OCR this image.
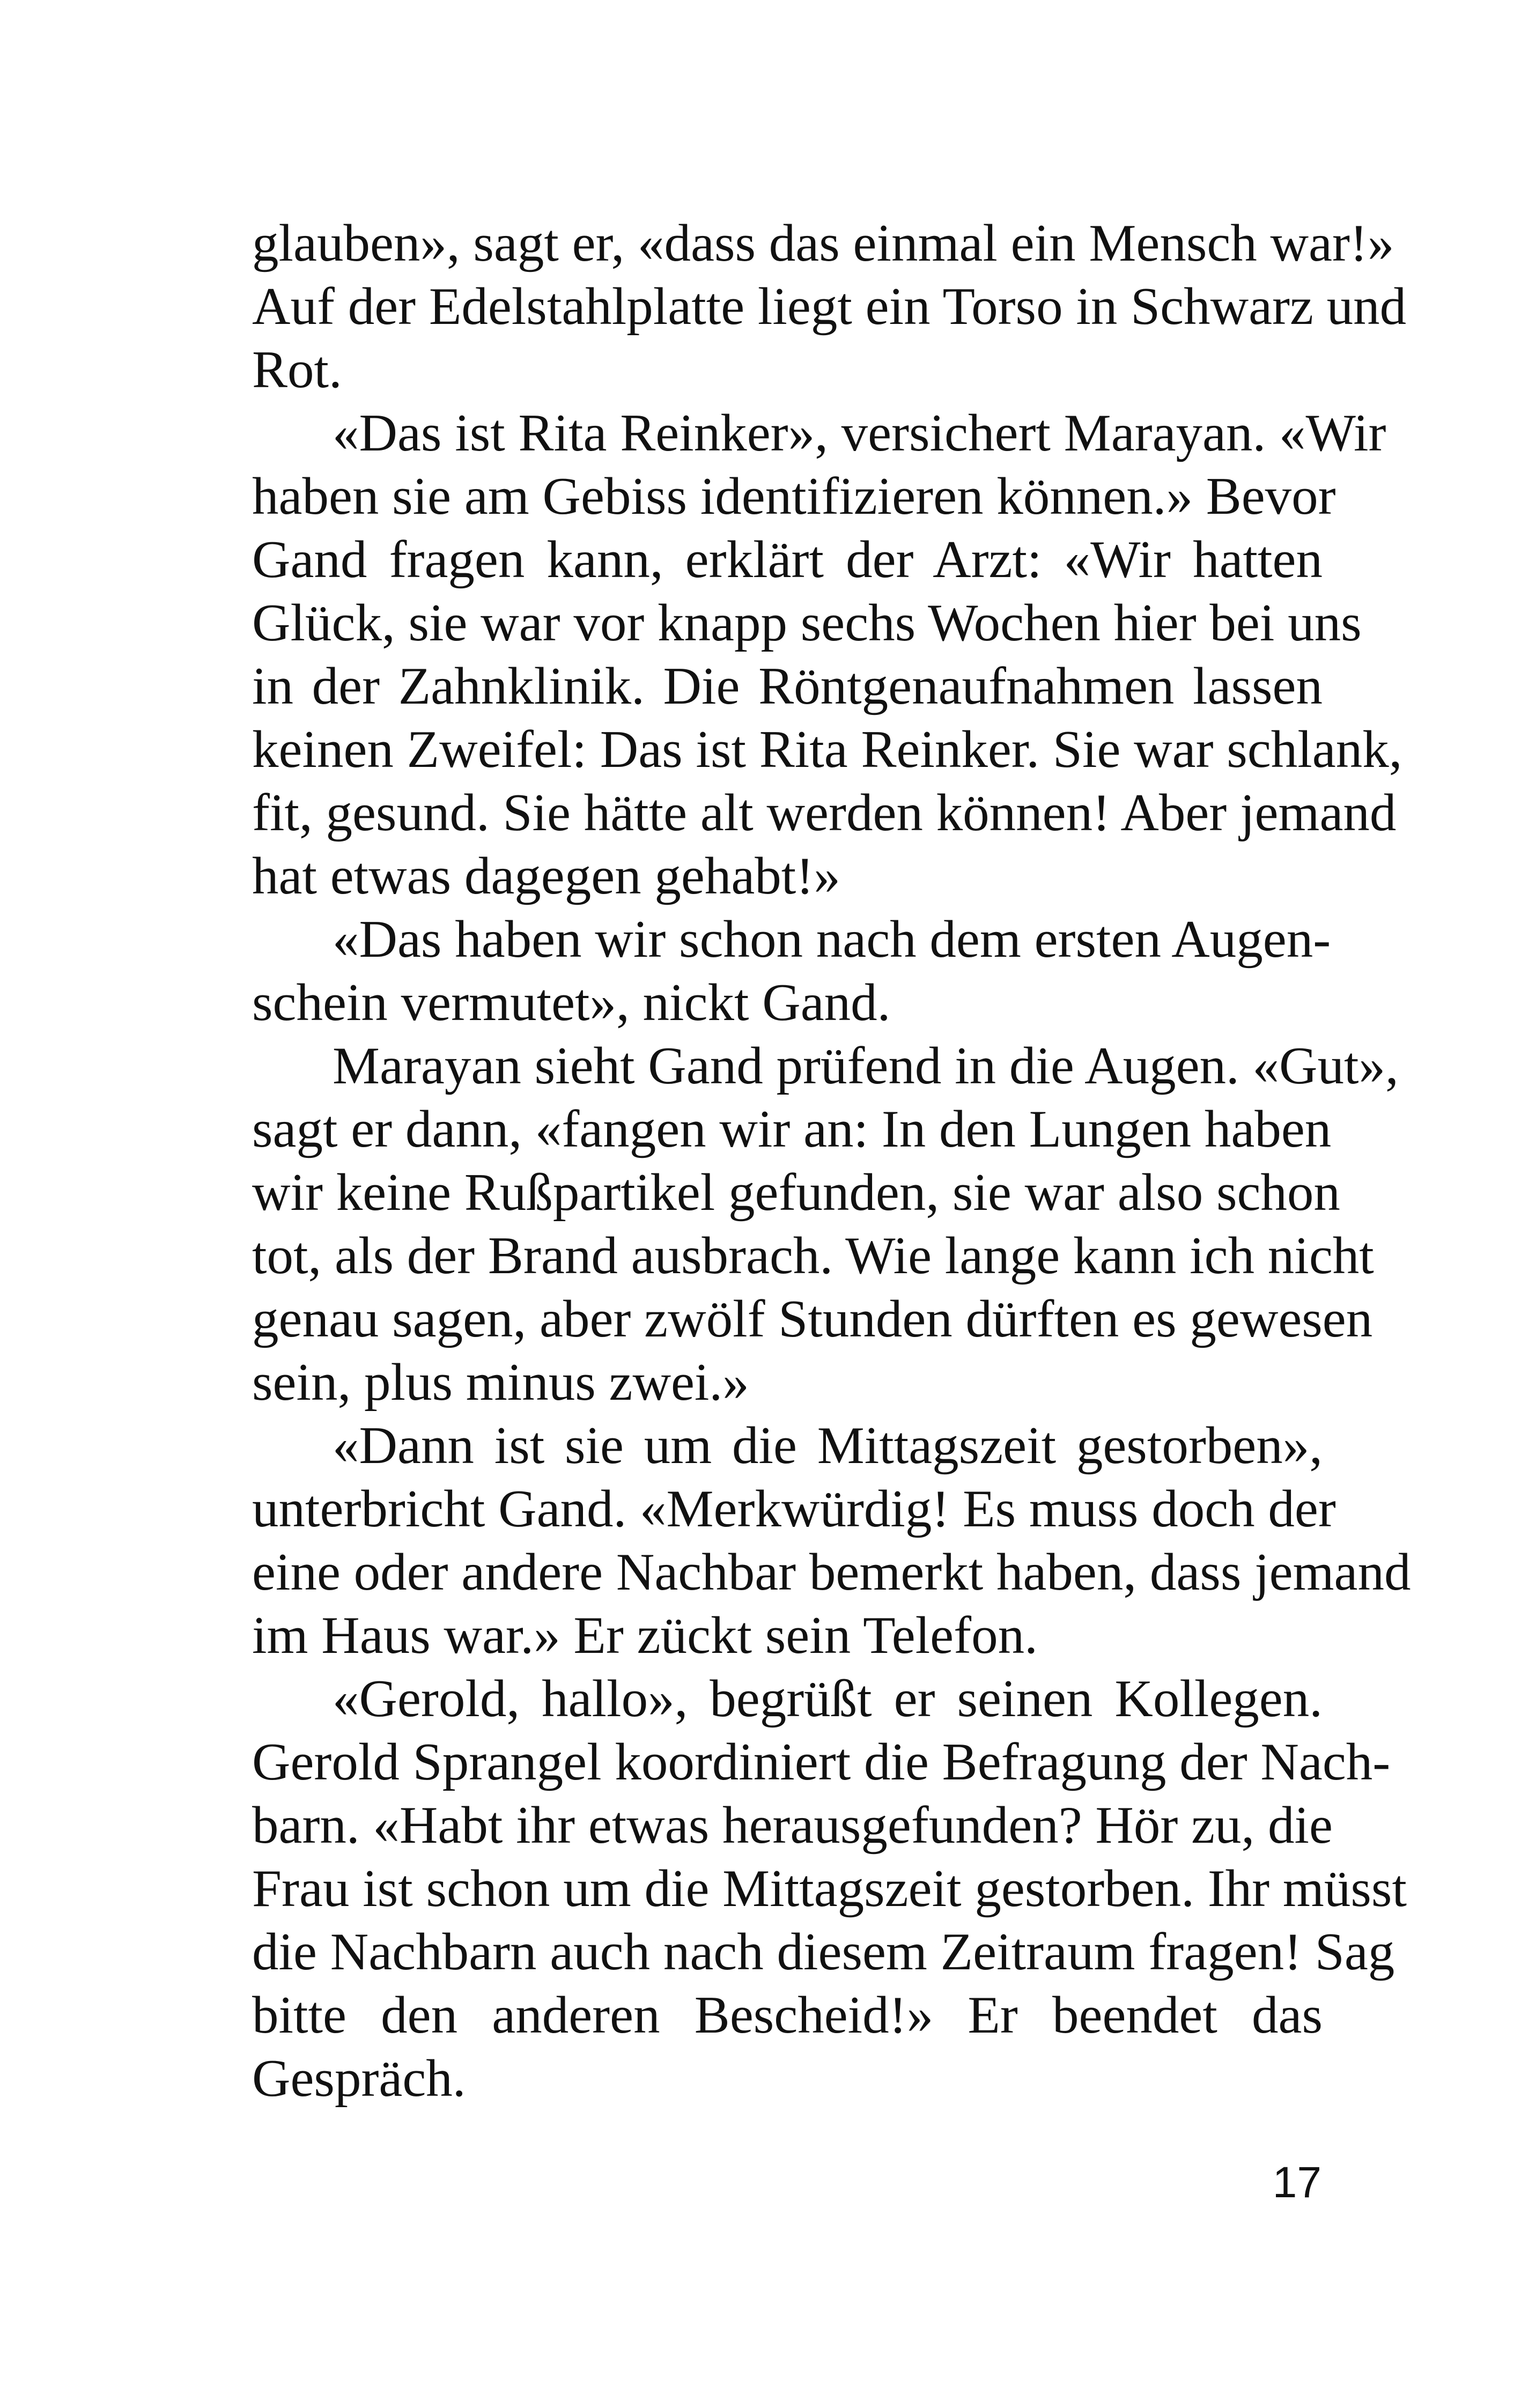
glauben», sagt er, «dass das einmal ein Mensch war!»
Auf der Edelstahlplatte liegt ein Torso in Schwarz und
Rot.
«Das ist Rita Reinker», versichert Marayan. «Wir
haben sie am Gebiss identifizieren können.» Bevor
Gand fragen kann, erklärt der Arzt: «Wir hatten
Glück, sie war vor knapp sechs Wochen hier bei uns
in der Zahnklinik. Die Röntgenaufnahmen lassen
keinen Zweifel: Das ist Rita Reinker. Sie war schlank,
fit, gesund. Sie hätte alt werden können! Aber jemand
hat etwas dagegen gehabt!»
«Das haben wir schon nach dem ersten Augen-
schein vermutet», nickt Gand.
Marayan sieht Gand prüfend in die Augen. «Gut»,
sagt er dann, «fangen wir an: In den Lungen haben
wir keine Rußpartikel gefunden, sie war also schon
tot, als der Brand ausbrach. Wie lange kann ich nicht
genau sagen, aber zwölf Stunden dürften es gewesen
sein, plus minus zwei.»
«Dann ist sie um die Mittagszeit gestorben»,
unterbricht Gand. «Merkwürdig! Es muss doch der
eine oder andere Nachbar bemerkt haben, dass jemand
im Haus war.» Er zückt sein Telefon.
«Gerold, hallo», begrüßt er seinen Kollegen.
Gerold Sprangel koordiniert die Befragung der Nach-
barn. «Habt ihr etwas herausgefunden? Hör zu, die
Frau ist schon um die Mittagszeit gestorben. Ihr müsst
die Nachbarn auch nach diesem Zeitraum fragen! Sag
bitte den anderen Bescheid!» Er beendet das
Gespräch.
17
